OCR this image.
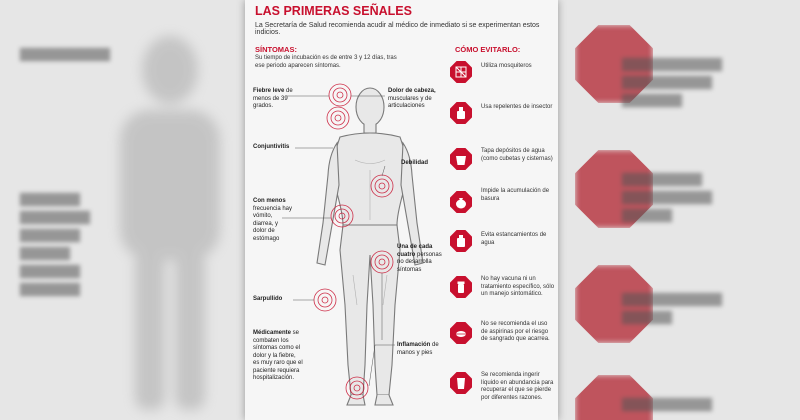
▇▇▇▇▇▇▇▇▇
▇▇▇▇▇▇
▇▇▇▇▇▇▇
▇▇▇▇▇▇
▇▇▇▇▇
▇▇▇▇▇▇
▇▇▇▇▇▇
▇▇▇▇▇▇▇▇▇▇
▇▇▇▇▇▇▇▇▇
▇▇▇▇▇▇
▇▇▇▇▇▇▇▇
▇▇▇▇▇▇▇▇▇
▇▇▇▇▇
▇▇▇▇▇▇▇▇▇▇
▇▇▇▇▇
▇▇▇▇▇▇▇▇▇
LAS PRIMERAS SEÑALES
La Secretaría de Salud recomienda acudir al médico de inmediato si se experimentan estos indicios.
SÍNTOMAS:
Su tiempo de incubación es de entre 3 y 12 días, tras ese periodo aparecen síntomas.
CÓMO EVITARLO:
Fiebre leve de menos de 39 grados.
Dolor de cabeza, musculares y de articulaciones
Conjuntivitis
Debilidad
Con menos frecuencia hay vómito, diarrea, y dolor de estómago
Una de cada cuatro personas no desarrolla síntomas
Sarpullido
Inflamación de manos y pies
Médicamente se combaten los síntomas como el dolor y la fiebre, es muy raro que el paciente requiera hospitalización.
Utiliza mosquiteros
Usa repelentes de insector
Tapa depósitos de agua (como cubetas y cisternas)
Impide la acumulación de basura
Evita estancamientos de agua
No hay vacuna ni un tratamiento específico, sólo un manejo sintomático.
No se recomienda el uso de aspirinas por el riesgo de sangrado que acarrea.
Se recomienda ingerir líquido en abundancia para recuperar el que se pierde por diferentes razones.
